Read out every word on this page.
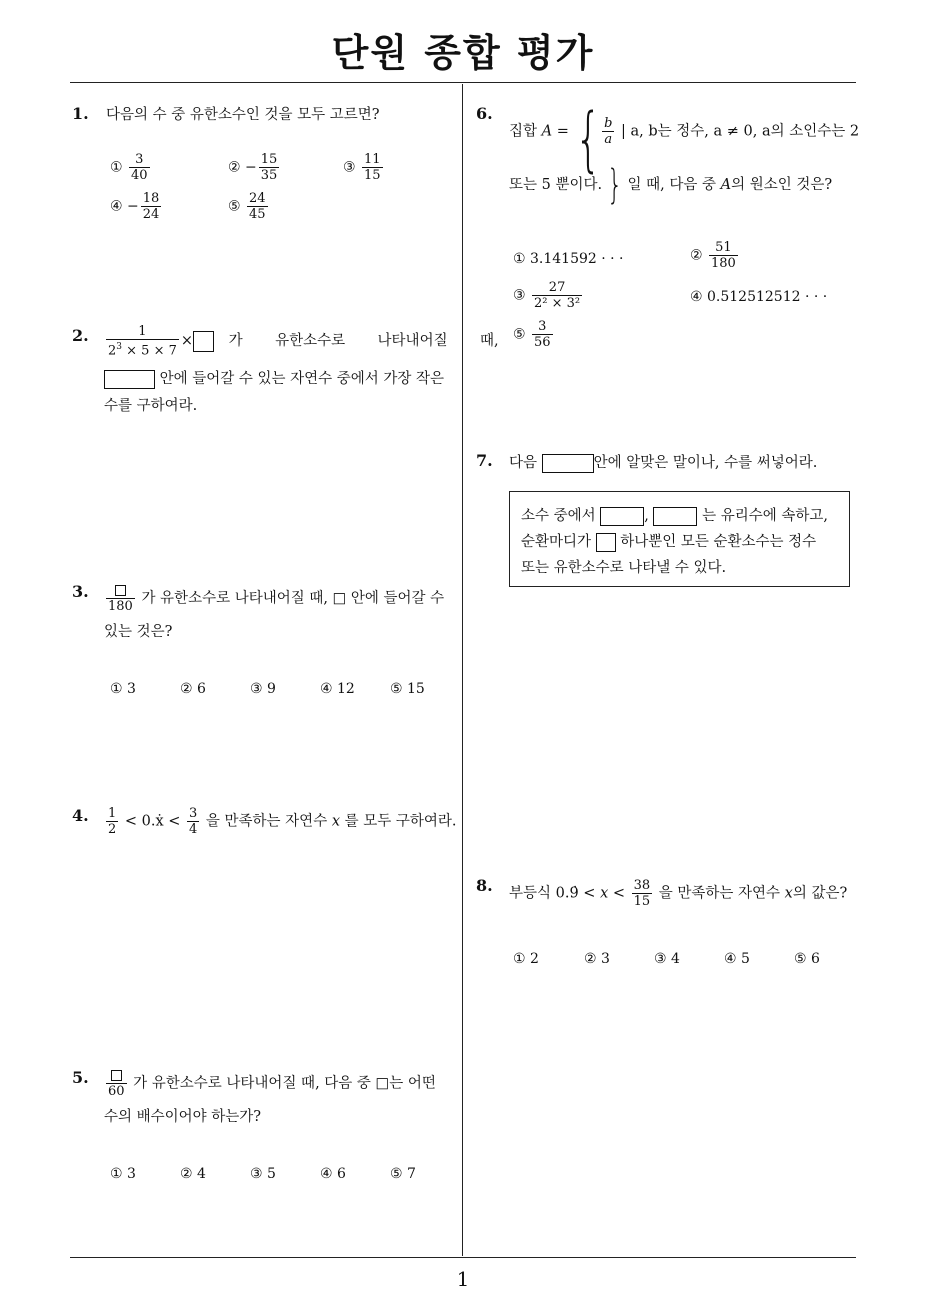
단원 종합 평가
1
1. 다음의 수 중 유한소수인 것을 모두 고르면?
① $\frac{3}{40}$	② − $\frac{15}{35}$	③ $\frac{11}{15}$
④ − $\frac{18}{24}$	⑤ $\frac{24}{45}$
2. $\frac{1}{2^3 \times 5 \times 7}$ × 가 유한소수로 나타내어질 때,
안에 들어갈 수 있는 자연수 중에서 가장 작은
수를 구하여라.
3.
180 가 유한소수로 나타내어질 때, □ 안에 들어갈 수
있는 것은?
① 3	② 6	③ 9	④ 12	⑤ 15
4. $\frac{1}{2}$ < 0.ẋ < $\frac{3}{4}$ 을 만족하는 자연수 x 를 모두 구하여라.
5.
60 가 유한소수로 나타내어질 때, 다음 중 □는 어떤
수의 배수이어야 하는가?
① 3	② 4	③ 5	④ 6	⑤ 7
6. {
집합 A =	$\frac{b}{a}$ | a, b는 정수, a ≠ 0, a의 소인수는 2
또는 5 뿐이다. } 일 때, 다음 중 A의 원소인 것은?
① 3.141592 · · ·	② $\frac{51}{180}$
③ $\frac{27}{\text{2² × 3²}}$	④ 0.512512512 · · ·
⑤ $\frac{3}{56}$
7. 다음	안에 알맞은 말이나, 수를 써넣어라.
소수 중에서	,	는 유리수에 속하고,
순환마디가 하나뿐인 모든 순환소수는 정수
또는 유한소수로 나타낼 수 있다.
8. 부등식 0.9̇ < $x < \frac{38}{15}$ 을 만족하는 자연수 x의 값은?
① 2	② 3	③ 4	④ 5	⑤ 6
